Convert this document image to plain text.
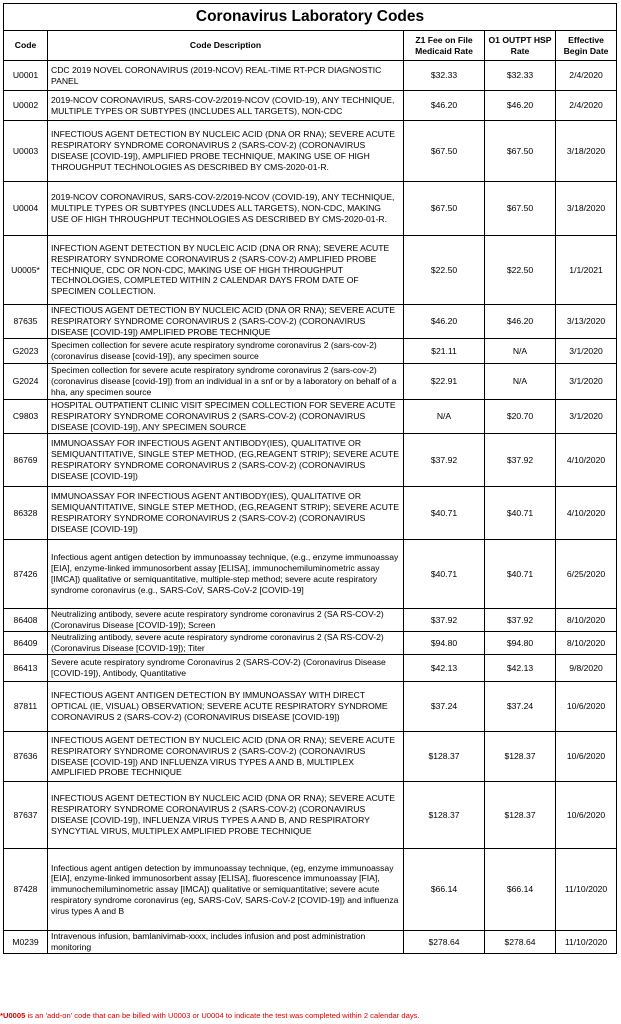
Coronavirus Laboratory Codes				
Code	Code Description	Z1 Fee on File Medicaid Rate	O1 OUTPT HSP Rate	Effective Begin Date
U0001	CDC 2019 NOVEL CORONAVIRUS (2019-NCOV) REAL-TIME RT-PCR DIAGNOSTIC PANEL	$32.33	$32.33	2/4/2020
U0002	2019-NCOV CORONAVIRUS, SARS-COV-2/2019-NCOV (COVID-19), ANY TECHNIQUE, MULTIPLE TYPES OR SUBTYPES (INCLUDES ALL TARGETS), NON-CDC	$46.20	$46.20	2/4/2020
U0003	INFECTIOUS AGENT DETECTION BY NUCLEIC ACID (DNA OR RNA); SEVERE ACUTE RESPIRATORY SYNDROME CORONAVIRUS 2 (SARS-COV-2) (CORONAVIRUS DISEASE [COVID-19]), AMPLIFIED PROBE TECHNIQUE, MAKING USE OF HIGH THROUGHPUT TECHNOLOGIES AS DESCRIBED BY CMS-2020-01-R.	$67.50	$67.50	3/18/2020
U0004	2019-NCOV CORONAVIRUS, SARS-COV-2/2019-NCOV (COVID-19), ANY TECHNIQUE, MULTIPLE TYPES OR SUBTYPES (INCLUDES ALL TARGETS), NON-CDC, MAKING USE OF HIGH THROUGHPUT TECHNOLOGIES AS DESCRIBED BY CMS-2020-01-R.	$67.50	$67.50	3/18/2020
U0005*	INFECTION AGENT DETECTION BY NUCLEIC ACID (DNA OR RNA); SEVERE ACUTE RESPIRATORY SYNDROME CORONAVIRUS 2 (SARS-COV-2) AMPLIFIED PROBE TECHNIQUE, CDC OR NON-CDC, MAKING USE OF HIGH THROUGHPUT TECHNOLOGIES, COMPLETED WITHIN 2 CALENDAR DAYS FROM DATE OF SPECIMEN COLLECTION.	$22.50	$22.50	1/1/2021
87635	INFECTIOUS AGENT DETECTION BY NUCLEIC ACID (DNA OR RNA); SEVERE ACUTE RESPIRATORY SYNDROME CORONAVIRUS 2 (SARS-COV-2) (CORONAVIRUS DISEASE [COVID-19]) AMPLIFIED PROBE TECHNIQUE	$46.20	$46.20	3/13/2020
G2023	Specimen collection for severe acute respiratory syndrome coronavirus 2 (sars-cov-2) (coronavirus disease [covid-19]), any specimen source	$21.11	N/A	3/1/2020
G2024	Specimen collection for severe acute respiratory syndrome coronavirus 2 (sars-cov-2) (coronavirus disease [covid-19]) from an individual in a snf or by a laboratory on behalf of a hha, any specimen source	$22.91	N/A	3/1/2020
C9803	HOSPITAL OUTPATIENT CLINIC VISIT SPECIMEN COLLECTION FOR SEVERE ACUTE RESPIRATORY SYNDROME CORONAVIRUS 2 (SARS-COV-2) (CORONAVIRUS DISEASE [COVID-19]), ANY SPECIMEN SOURCE	N/A	$20.70	3/1/2020
86769	IMMUNOASSAY FOR INFECTIOUS AGENT ANTIBODY(IES), QUALITATIVE OR SEMIQUANTITATIVE, SINGLE STEP METHOD, (EG,REAGENT STRIP); SEVERE ACUTE RESPIRATORY SYNDROME CORONAVIRUS 2 (SARS-COV-2) (CORONAVIRUS DISEASE [COVID-19])	$37.92	$37.92	4/10/2020
86328	IMMUNOASSAY FOR INFECTIOUS AGENT ANTIBODY(IES), QUALITATIVE OR SEMIQUANTITATIVE, SINGLE STEP METHOD, (EG,REAGENT STRIP); SEVERE ACUTE RESPIRATORY SYNDROME CORONAVIRUS 2 (SARS-COV-2) (CORONAVIRUS DISEASE [COVID-19])	$40.71	$40.71	4/10/2020
87426	Infectious agent antigen detection by immunoassay technique, (e.g., enzyme immunoassay [EIA], enzyme-linked immunosorbent assay [ELISA], immunochemiluminometric assay [IMCA]) qualitative or semiquantitative, multiple-step method; severe acute respiratory syndrome coronavirus (e.g., SARS-CoV, SARS-CoV-2 [COVID-19]	$40.71	$40.71	6/25/2020
86408	Neutralizing antibody, severe acute respiratory syndrome coronavirus 2 (SA RS-COV-2) (Coronavirus Disease [COVID-19]); Screen	$37.92	$37.92	8/10/2020
86409	Neutralizing antibody, severe acute respiratory syndrome coronavirus 2 (SA RS-COV-2) (Coronavirus Disease [COVID-19]); Titer	$94.80	$94.80	8/10/2020
86413	Severe acute respiratory syndrome Coronavirus 2 (SARS-COV-2) (Coronavirus Disease [COVID-19]), Antibody, Quantitative	$42.13	$42.13	9/8/2020
87811	INFECTIOUS AGENT ANTIGEN DETECTION BY IMMUNOASSAY WITH DIRECT OPTICAL (IE, VISUAL) OBSERVATION; SEVERE ACUTE RESPIRATORY SYNDROME CORONAVIRUS 2 (SARS-COV-2) (CORONAVIRUS DISEASE [COVID-19])	$37.24	$37.24	10/6/2020
87636	INFECTIOUS AGENT DETECTION BY NUCLEIC ACID (DNA OR RNA); SEVERE ACUTE RESPIRATORY SYNDROME CORONAVIRUS 2 (SARS-COV-2) (CORONAVIRUS DISEASE [COVID-19]) AND INFLUENZA VIRUS TYPES A AND B, MULTIPLEX AMPLIFIED PROBE TECHNIQUE	$128.37	$128.37	10/6/2020
87637	INFECTIOUS AGENT DETECTION BY NUCLEIC ACID (DNA OR RNA); SEVERE ACUTE RESPIRATORY SYNDROME CORONAVIRUS 2 (SARS-COV-2) (CORONAVIRUS DISEASE [COVID-19]), INFLUENZA VIRUS TYPES A AND B, AND RESPIRATORY SYNCYTIAL VIRUS, MULTIPLEX AMPLIFIED PROBE TECHNIQUE	$128.37	$128.37	10/6/2020
87428	Infectious agent antigen detection by immunoassay technique, (eg, enzyme immunoassay [EIA], enzyme-linked immunosorbent assay [ELISA], fluorescence immunoassay [FIA], immunochemiluminometric assay [IMCA]) qualitative or semiquantitative; severe acute respiratory syndrome coronavirus (eg, SARS-CoV, SARS-CoV-2 [COVID-19]) and influenza virus types A and B	$66.14	$66.14	11/10/2020
M0239	Intravenous infusion, bamlanivimab-xxxx, includes infusion and post administration monitoring	$278.64	$278.64	11/10/2020
*U0005 is an 'add-on' code that can be billed with U0003 or U0004 to indicate the test was completed within 2 calendar days.
